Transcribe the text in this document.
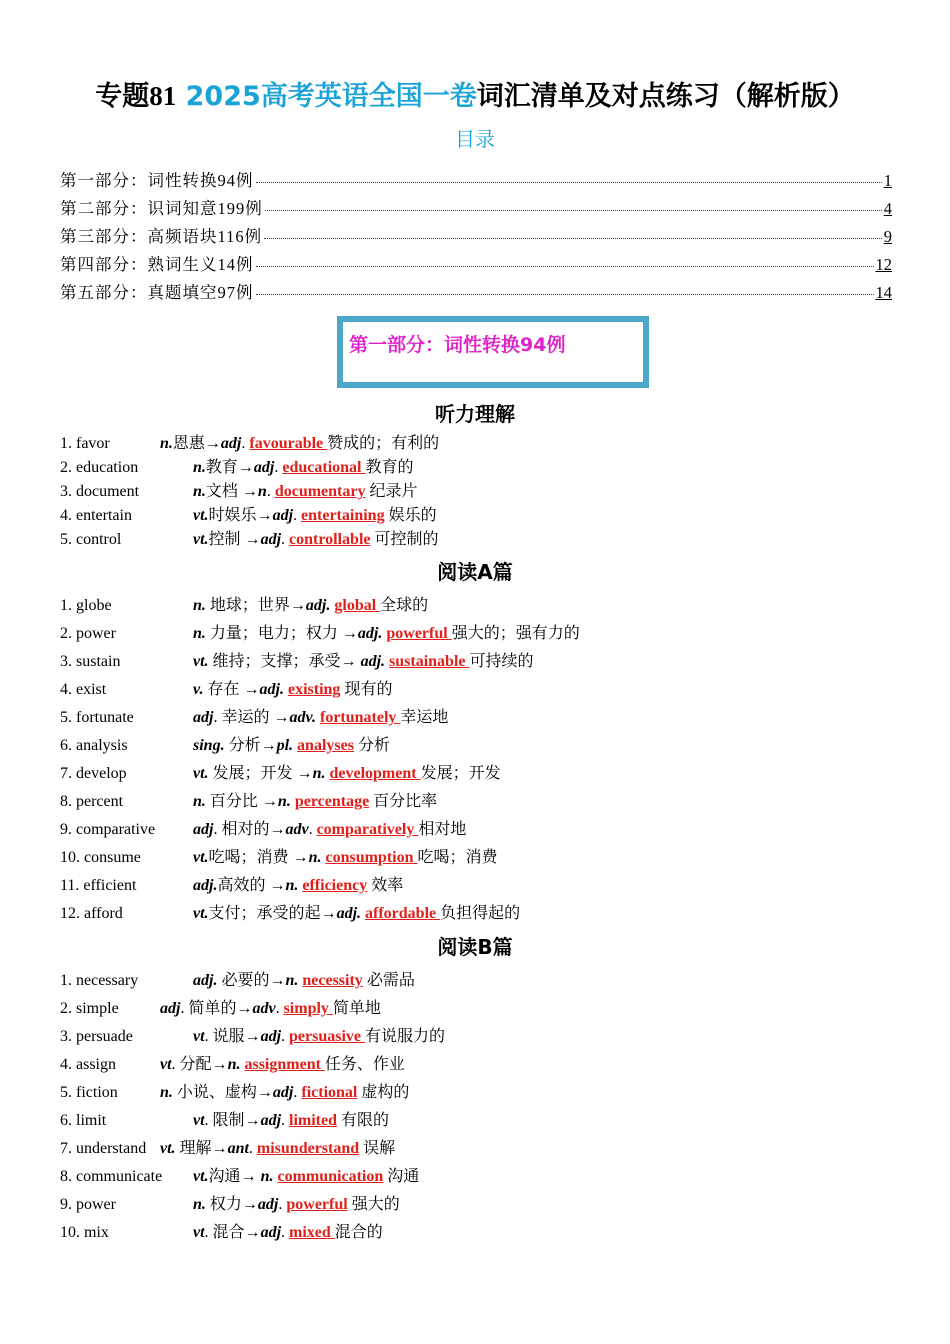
专题81 2025高考英语全国一卷词汇清单及对点练习（解析版）
目录
第一部分：词性转换94例	1
第二部分：识词知意199例	4
第三部分：高频语块116例	9
第四部分：熟词生义14例	12
第五部分：真题填空97例	14
第一部分：词性转换94例
听力理解
1. favor	n.恩惠→adj. favourable 赞成的；有利的
2. education	n.教育→adj. educational 教育的
3. document	n.文档 →n. documentary 纪录片
4. entertain	vt.时娱乐→adj. entertaining 娱乐的
5. control	vt.控制 →adj. controllable 可控制的
阅读A篇
1. globe	n. 地球；世界→adj. global 全球的
2. power	n. 力量；电力；权力 →adj. powerful 强大的；强有力的
3. sustain	vt. 维持；支撑；承受→ adj. sustainable 可持续的
4. exist	v. 存在 →adj. existing 现有的
5. fortunate	adj. 幸运的 →adv. fortunately 幸运地
6. analysis	sing. 分析→pl. analyses 分析
7. develop	vt. 发展；开发 →n. development 发展；开发
8. percent	n. 百分比 →n. percentage 百分比率
9. comparative adj. 相对的→adv. comparatively 相对地
10. consume	vt.吃喝；消费 →n. consumption 吃喝；消费
11. efficient	adj.高效的 →n. efficiency 效率
12. afford	vt.支付；承受的起→adj. affordable 负担得起的
阅读B篇
1. necessary	adj. 必要的→n. necessity 必需品
2. simple	adj. 简单的→adv. simply 简单地
3. persuade	vt. 说服→adj. persuasive 有说服力的
4. assign	vt. 分配→n. assignment 任务、作业
5. fiction	n. 小说、虚构→adj. fictional 虚构的
6. limit	vt. 限制→adj. limited 有限的
7. understand vt. 理解→ant. misunderstand 误解
8. communicate vt.沟通→ n. communication 沟通
9. power	n. 权力→adj. powerful 强大的
10. mix	vt. 混合→adj. mixed 混合的
